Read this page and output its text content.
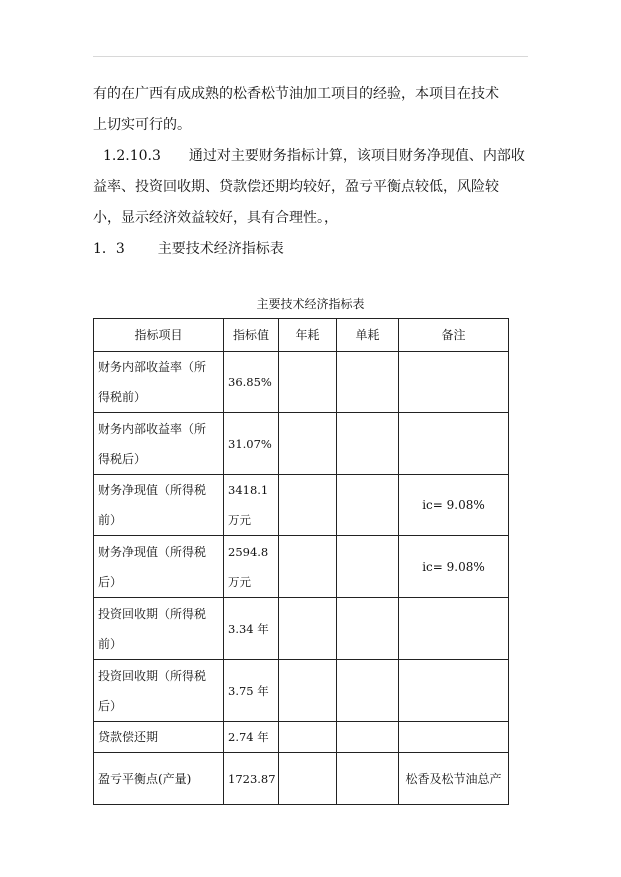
有的在广西有成成熟的松香松节油加工项目的经验，本项目在技术
上切实可行的。
1.2.10.3　　通过对主要财务指标计算，该项目财务净现值、内部收
益率、投资回收期、贷款偿还期均较好，盈亏平衡点较低，风险较
小，显示经济效益较好，具有合理性。，
1．3 主要技术经济指标表
主要技术经济指标表
指标项目	指标值	年耗	单耗	备注

财务内部收益率（所
得税前）	36.85%			

财务内部收益率（所
得税后）	31.07%			

财务净现值（所得税
前）	3418.1
万元			ic= 9.08%

财务净现值（所得税
后）	2594.8
万元			ic= 9.08%

投资回收期（所得税
前）	3.34 年			

投资回收期（所得税
后）	3.75 年			

贷款偿还期	2.74 年			

盈亏平衡点(产量)	1723.87			松香及松节油总产
